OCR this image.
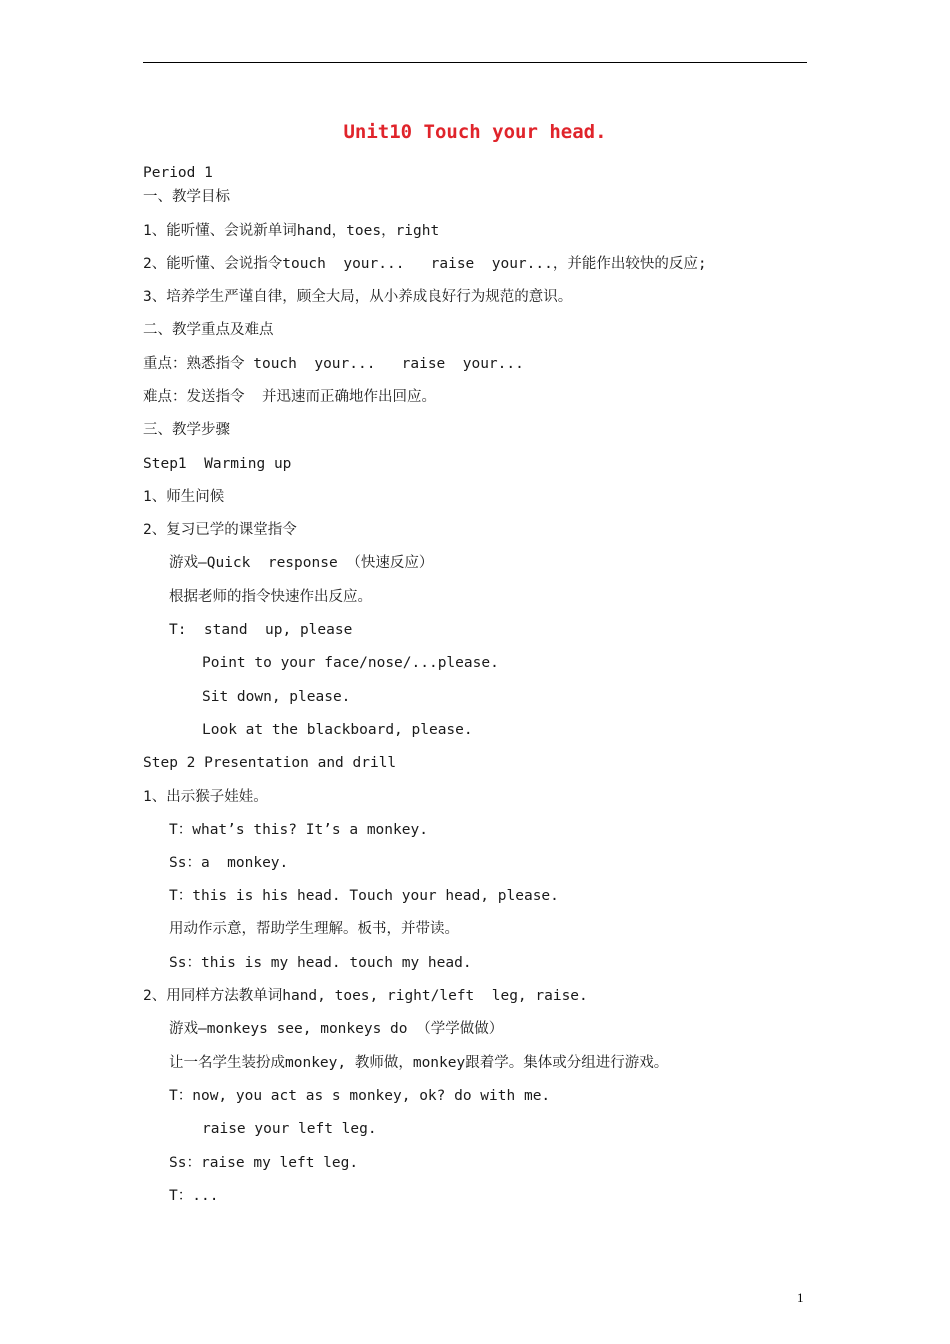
Unit10 Touch your head.
Period 1
一、教学目标
1、能听懂、会说新单词hand，toes，right
2、能听懂、会说指令touch  your...   raise  your...，并能作出较快的反应;
3、培养学生严谨自律，顾全大局，从小养成良好行为规范的意识。
二、教学重点及难点
重点：熟悉指令 touch  your...   raise  your...
难点：发送指令  并迅速而正确地作出回应。
三、教学步骤
Step1  Warming up
1、师生问候
2、复习已学的课堂指令
游戏—Quick  response （快速反应）
根据老师的指令快速作出反应。
T:  stand  up, please
Point to your face/nose/...please.
Sit down, please.
Look at the blackboard, please.
Step 2 Presentation and drill
1、出示猴子娃娃。
T：what’s this? It’s a monkey.
Ss：a  monkey.
T：this is his head. Touch your head, please.
用动作示意，帮助学生理解。板书，并带读。
Ss：this is my head. touch my head.
2、用同样方法教单词hand, toes, right/left  leg, raise.
游戏—monkeys see, monkeys do （学学做做）
让一名学生装扮成monkey, 教师做，monkey跟着学。集体或分组进行游戏。
T：now, you act as s monkey, ok? do with me.
raise your left leg.
Ss：raise my left leg.
T：...
1
